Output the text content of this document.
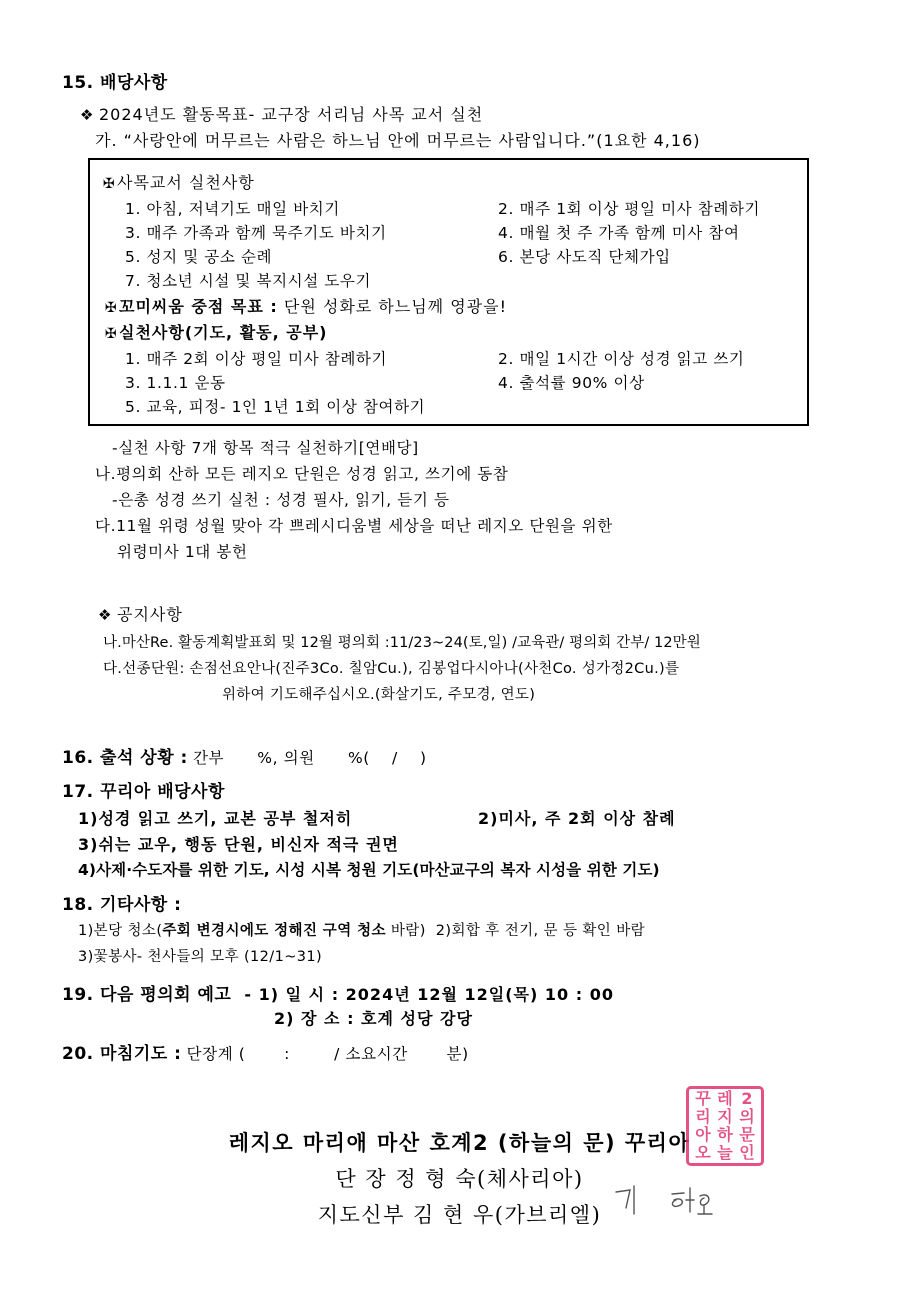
15. 배당사항
❖ 2024년도 활동목표- 교구장 서리님 사목 교서 실천
가. “사랑안에 머무르는 사람은 하느님 안에 머무르는 사람입니다.”(1요한 4,16)
✠사목교서 실천사항
1. 아침, 저녁기도 매일 바치기	2. 매주 1회 이상 평일 미사 참례하기
3. 매주 가족과 함께 묵주기도 바치기	4. 매월 첫 주 가족 함께 미사 참여
5. 성지 및 공소 순례	6. 본당 사도직 단체가입
7. 청소년 시설 및 복지시설 도우기
✠꼬미씨움 중점 목표 : 단원 성화로 하느님께 영광을!
✠실천사항(기도, 활동, 공부)
1. 매주 2회 이상 평일 미사 참례하기	2. 매일 1시간 이상 성경 읽고 쓰기
3. 1.1.1 운동	4. 출석률 90% 이상
5. 교육, 피정- 1인 1년 1회 이상 참여하기
-실천 사항 7개 항목 적극 실천하기[연배당]
나.평의회 산하 모든 레지오 단원은 성경 읽고, 쓰기에 동참
-은총 성경 쓰기 실천 : 성경 필사, 읽기, 듣기 등
다.11월 위령 성월 맞아 각 쁘레시디움별 세상을 떠난 레지오 단원을 위한
위령미사 1대 봉헌
❖ 공지사항
나.마산Re. 활동계획발표회 및 12월 평의회 :11/23~24(토,일) /교육관/ 평의회 간부/ 12만원
다.선종단원: 손점선요안나(진주3Co. 칠암Cu.), 김봉업다시아나(사천Co. 성가정2Cu.)를
위하여 기도해주십시오.(화살기도, 주모경, 연도)
16. 출석 상황 : 간부      %, 의원      %(    /    )
17. 꾸리아 배당사항
1)성경 읽고 쓰기, 교본 공부 철저히	2)미사, 주 2회 이상 참례
3)쉬는 교우, 행동 단원, 비신자 적극 권면
4)사제·수도자를 위한 기도, 시성 시복 청원 기도(마산교구의 복자 시성을 위한 기도)
18. 기타사항 :
1)본당 청소(주회 변경시에도 정해진 구역 청소 바람)  2)회합 후 전기, 문 등 확인 바람
3)꽃봉사- 천사들의 모후 (12/1~31)
19. 다음 평의회 예고 - 1) 일 시 : 2024년 12월 12일(목) 10 : 00
2) 장 소 : 호계 성당 강당
20. 마침기도 : 단장계 (       :        / 소요시간       분)
레지오 마리애 마산 호계2 (하늘의 문) 꾸리아
단 장 정 형 숙(체사리아)
지도신부 김 현 우(가브리엘)
꾸 레 2
리 지 의
아 하 문
오 늘 인
